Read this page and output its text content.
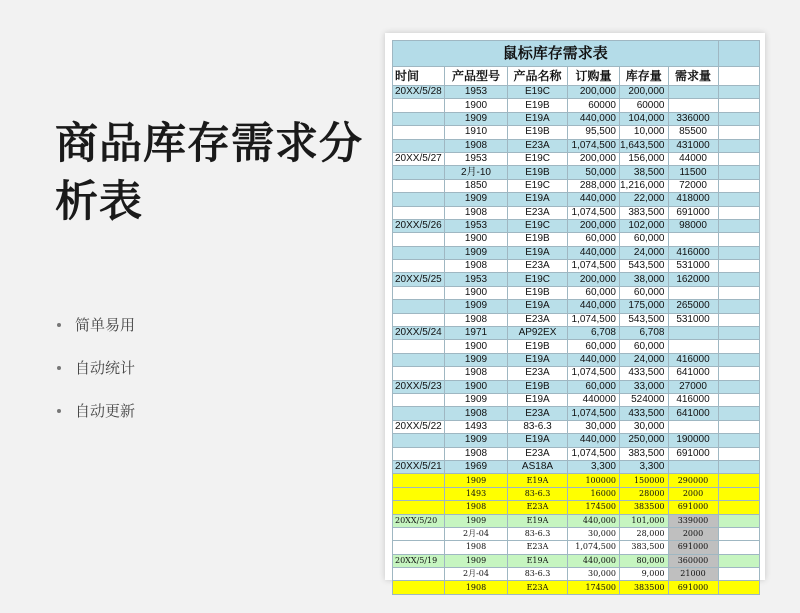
商品库存需求分析表
简单易用
自动统计
自动更新
鼠标库存需求表						
时间	产品型号	产品名称	订购量	库存量	需求量	
20XX/5/28	1953	E19C	200,000	200,000		
	1900	E19B	60000	60000		
	1909	E19A	440,000	104,000	336000	
	1910	E19B	95,500	10,000	85500	
	1908	E23A	1,074,500	1,643,500	431000	
20XX/5/27	1953	E19C	200,000	156,000	44000	
	2月-10	E19B	50,000	38,500	11500	
	1850	E19C	288,000	1,216,000	72000	
	1909	E19A	440,000	22,000	418000	
	1908	E23A	1,074,500	383,500	691000	
20XX/5/26	1953	E19C	200,000	102,000	98000	
	1900	E19B	60,000	60,000		
	1909	E19A	440,000	24,000	416000	
	1908	E23A	1,074,500	543,500	531000	
20XX/5/25	1953	E19C	200,000	38,000	162000	
	1900	E19B	60,000	60,000		
	1909	E19A	440,000	175,000	265000	
	1908	E23A	1,074,500	543,500	531000	
20XX/5/24	1971	AP92EX	6,708	6,708		
	1900	E19B	60,000	60,000		
	1909	E19A	440,000	24,000	416000	
	1908	E23A	1,074,500	433,500	641000	
20XX/5/23	1900	E19B	60,000	33,000	27000	
	1909	E19A	440000	524000	416000	
	1908	E23A	1,074,500	433,500	641000	
20XX/5/22	1493	83-6.3	30,000	30,000		
	1909	E19A	440,000	250,000	190000	
	1908	E23A	1,074,500	383,500	691000	
20XX/5/21	1969	AS18A	3,300	3,300		
	1909	E19A	100000	150000	290000	
	1493	83-6.3	16000	28000	2000	
	1908	E23A	174500	383500	691000	
20XX/5/20	1909	E19A	440,000	101,000	339000	
	2月-04	83-6.3	30,000	28,000	2000	
	1908	E23A	1,074,500	383,500	691000	
20XX/5/19	1909	E19A	440,000	80,000	360000	
	2月-04	83-6.3	30,000	9,000	21000	
	1908	E23A	174500	383500	691000	
